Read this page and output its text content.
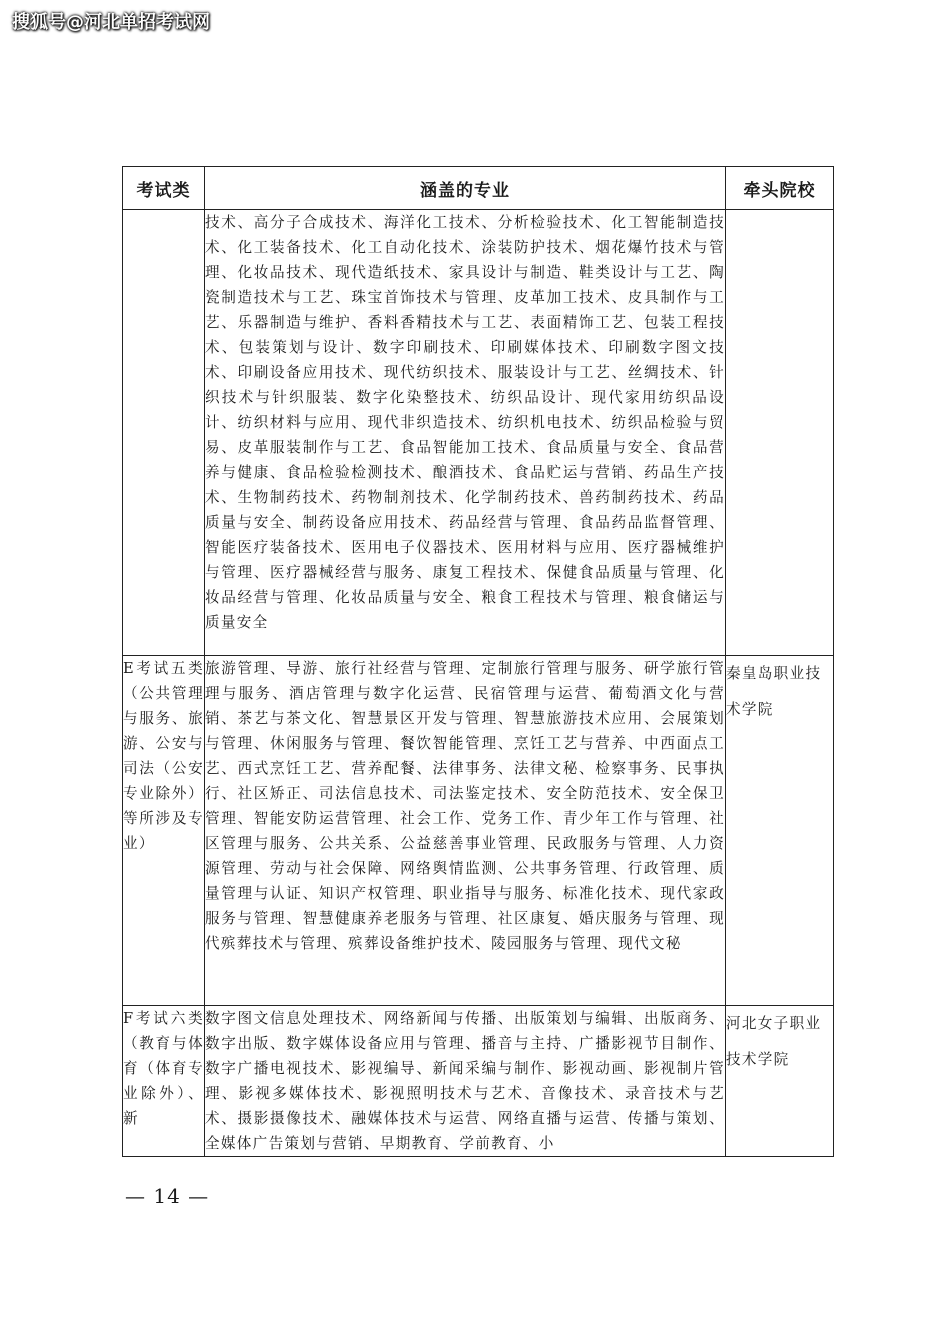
搜狐号@河北单招考试网
考试类	涵盖的专业	牵头院校
	技术、高分子合成技术、海洋化工技术、分析检验技术、化工智能制造技术、化工装备技术、化工自动化技术、涂装防护技术、烟花爆竹技术与管理、化妆品技术、现代造纸技术、家具设计与制造、鞋类设计与工艺、陶瓷制造技术与工艺、珠宝首饰技术与管理、皮革加工技术、皮具制作与工艺、乐器制造与维护、香料香精技术与工艺、表面精饰工艺、包装工程技术、包装策划与设计、数字印刷技术、印刷媒体技术、印刷数字图文技术、印刷设备应用技术、现代纺织技术、服装设计与工艺、丝绸技术、针织技术与针织服装、数字化染整技术、纺织品设计、现代家用纺织品设计、纺织材料与应用、现代非织造技术、纺织机电技术、纺织品检验与贸易、皮革服装制作与工艺、食品智能加工技术、食品质量与安全、食品营养与健康、食品检验检测技术、酿酒技术、食品贮运与营销、药品生产技术、生物制药技术、药物制剂技术、化学制药技术、兽药制药技术、药品质量与安全、制药设备应用技术、药品经营与管理、食品药品监督管理、智能医疗装备技术、医用电子仪器技术、医用材料与应用、医疗器械维护与管理、医疗器械经营与服务、康复工程技术、保健食品质量与管理、化妆品经营与管理、化妆品质量与安全、粮食工程技术与管理、粮食储运与质量安全	
E考试五类（公共管理与服务、旅游、公安与司法（公安专业除外）等所涉及专业）	旅游管理、导游、旅行社经营与管理、定制旅行管理与服务、研学旅行管理与服务、酒店管理与数字化运营、民宿管理与运营、葡萄酒文化与营销、茶艺与茶文化、智慧景区开发与管理、智慧旅游技术应用、会展策划与管理、休闲服务与管理、餐饮智能管理、烹饪工艺与营养、中西面点工艺、西式烹饪工艺、营养配餐、法律事务、法律文秘、检察事务、民事执行、社区矫正、司法信息技术、司法鉴定技术、安全防范技术、安全保卫管理、智能安防运营管理、社会工作、党务工作、青少年工作与管理、社区管理与服务、公共关系、公益慈善事业管理、民政服务与管理、人力资源管理、劳动与社会保障、网络舆情监测、公共事务管理、行政管理、质量管理与认证、知识产权管理、职业指导与服务、标准化技术、现代家政服务与管理、智慧健康养老服务与管理、社区康复、婚庆服务与管理、现代殡葬技术与管理、殡葬设备维护技术、陵园服务与管理、现代文秘	秦皇岛职业技术学院
F考试六类（教育与体育（体育专业除外）、新	数字图文信息处理技术、网络新闻与传播、出版策划与编辑、出版商务、数字出版、数字媒体设备应用与管理、播音与主持、广播影视节目制作、数字广播电视技术、影视编导、新闻采编与制作、影视动画、影视制片管理、影视多媒体技术、影视照明技术与艺术、音像技术、录音技术与艺术、摄影摄像技术、融媒体技术与运营、网络直播与运营、传播与策划、全媒体广告策划与营销、早期教育、学前教育、小	河北女子职业技术学院
— 14 —
